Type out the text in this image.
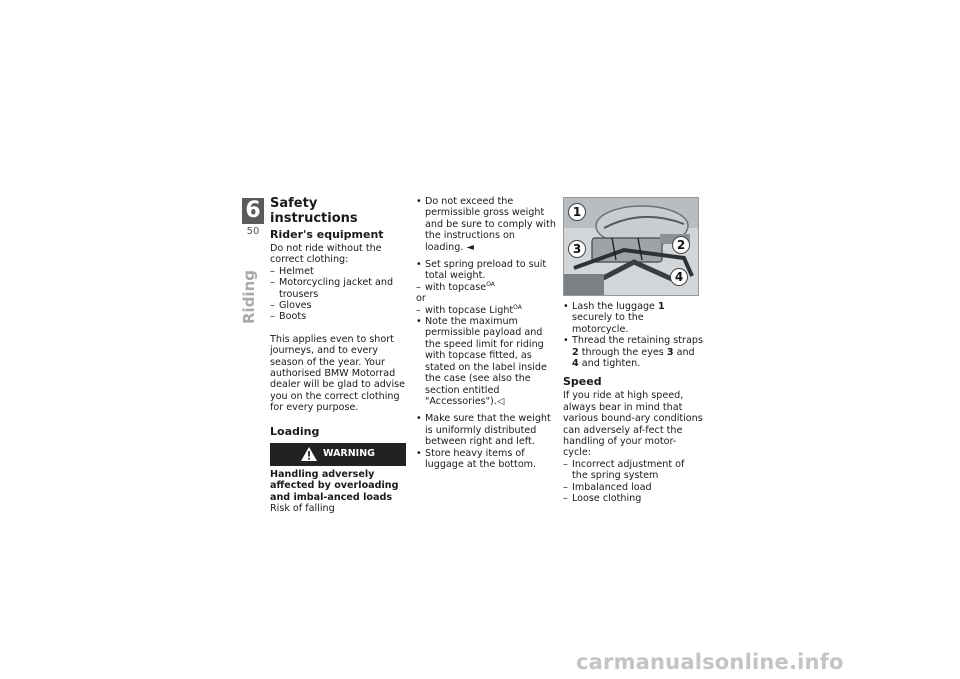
6
50
Riding
Safety instructions
Rider's equipment

Do not ride without the correct clothing:

– Helmet
– Motorcycling jacket and trousers
– Gloves
– Boots

This applies even to short journeys, and to every season of the year. Your authorised BMW Motorrad dealer will be glad to advise you on the correct clothing for every purpose.

Loading
WARNING

Handling adversely affected by overloading and imbal-anced loads

Risk of falling

• Do not exceed the permissible gross weight and be sure to comply with the instructions on loading. ◄
• Set spring preload to suit total weight.
– with topcase$^{OA}$

or

– with topcase Light$^{OA}$
• Note the maximum permissible payload and the speed limit for riding with topcase fitted, as stated on the label inside the case (see also the section entitled "Accessories").◁
• Make sure that the weight is uniformly distributed between right and left.
• Store heavy items of luggage at the bottom.
1
2
3
4
• Lash the luggage 1 securely to the motorcycle.
• Thread the retaining straps 2 through the eyes 3 and 4 and tighten.
Speed

If you ride at high speed, always bear in mind that various bound-ary conditions can adversely af-fect the handling of your motor-cycle:

– Incorrect adjustment of the spring system
– Imbalanced load
– Loose clothing
carmanualsonline.info
